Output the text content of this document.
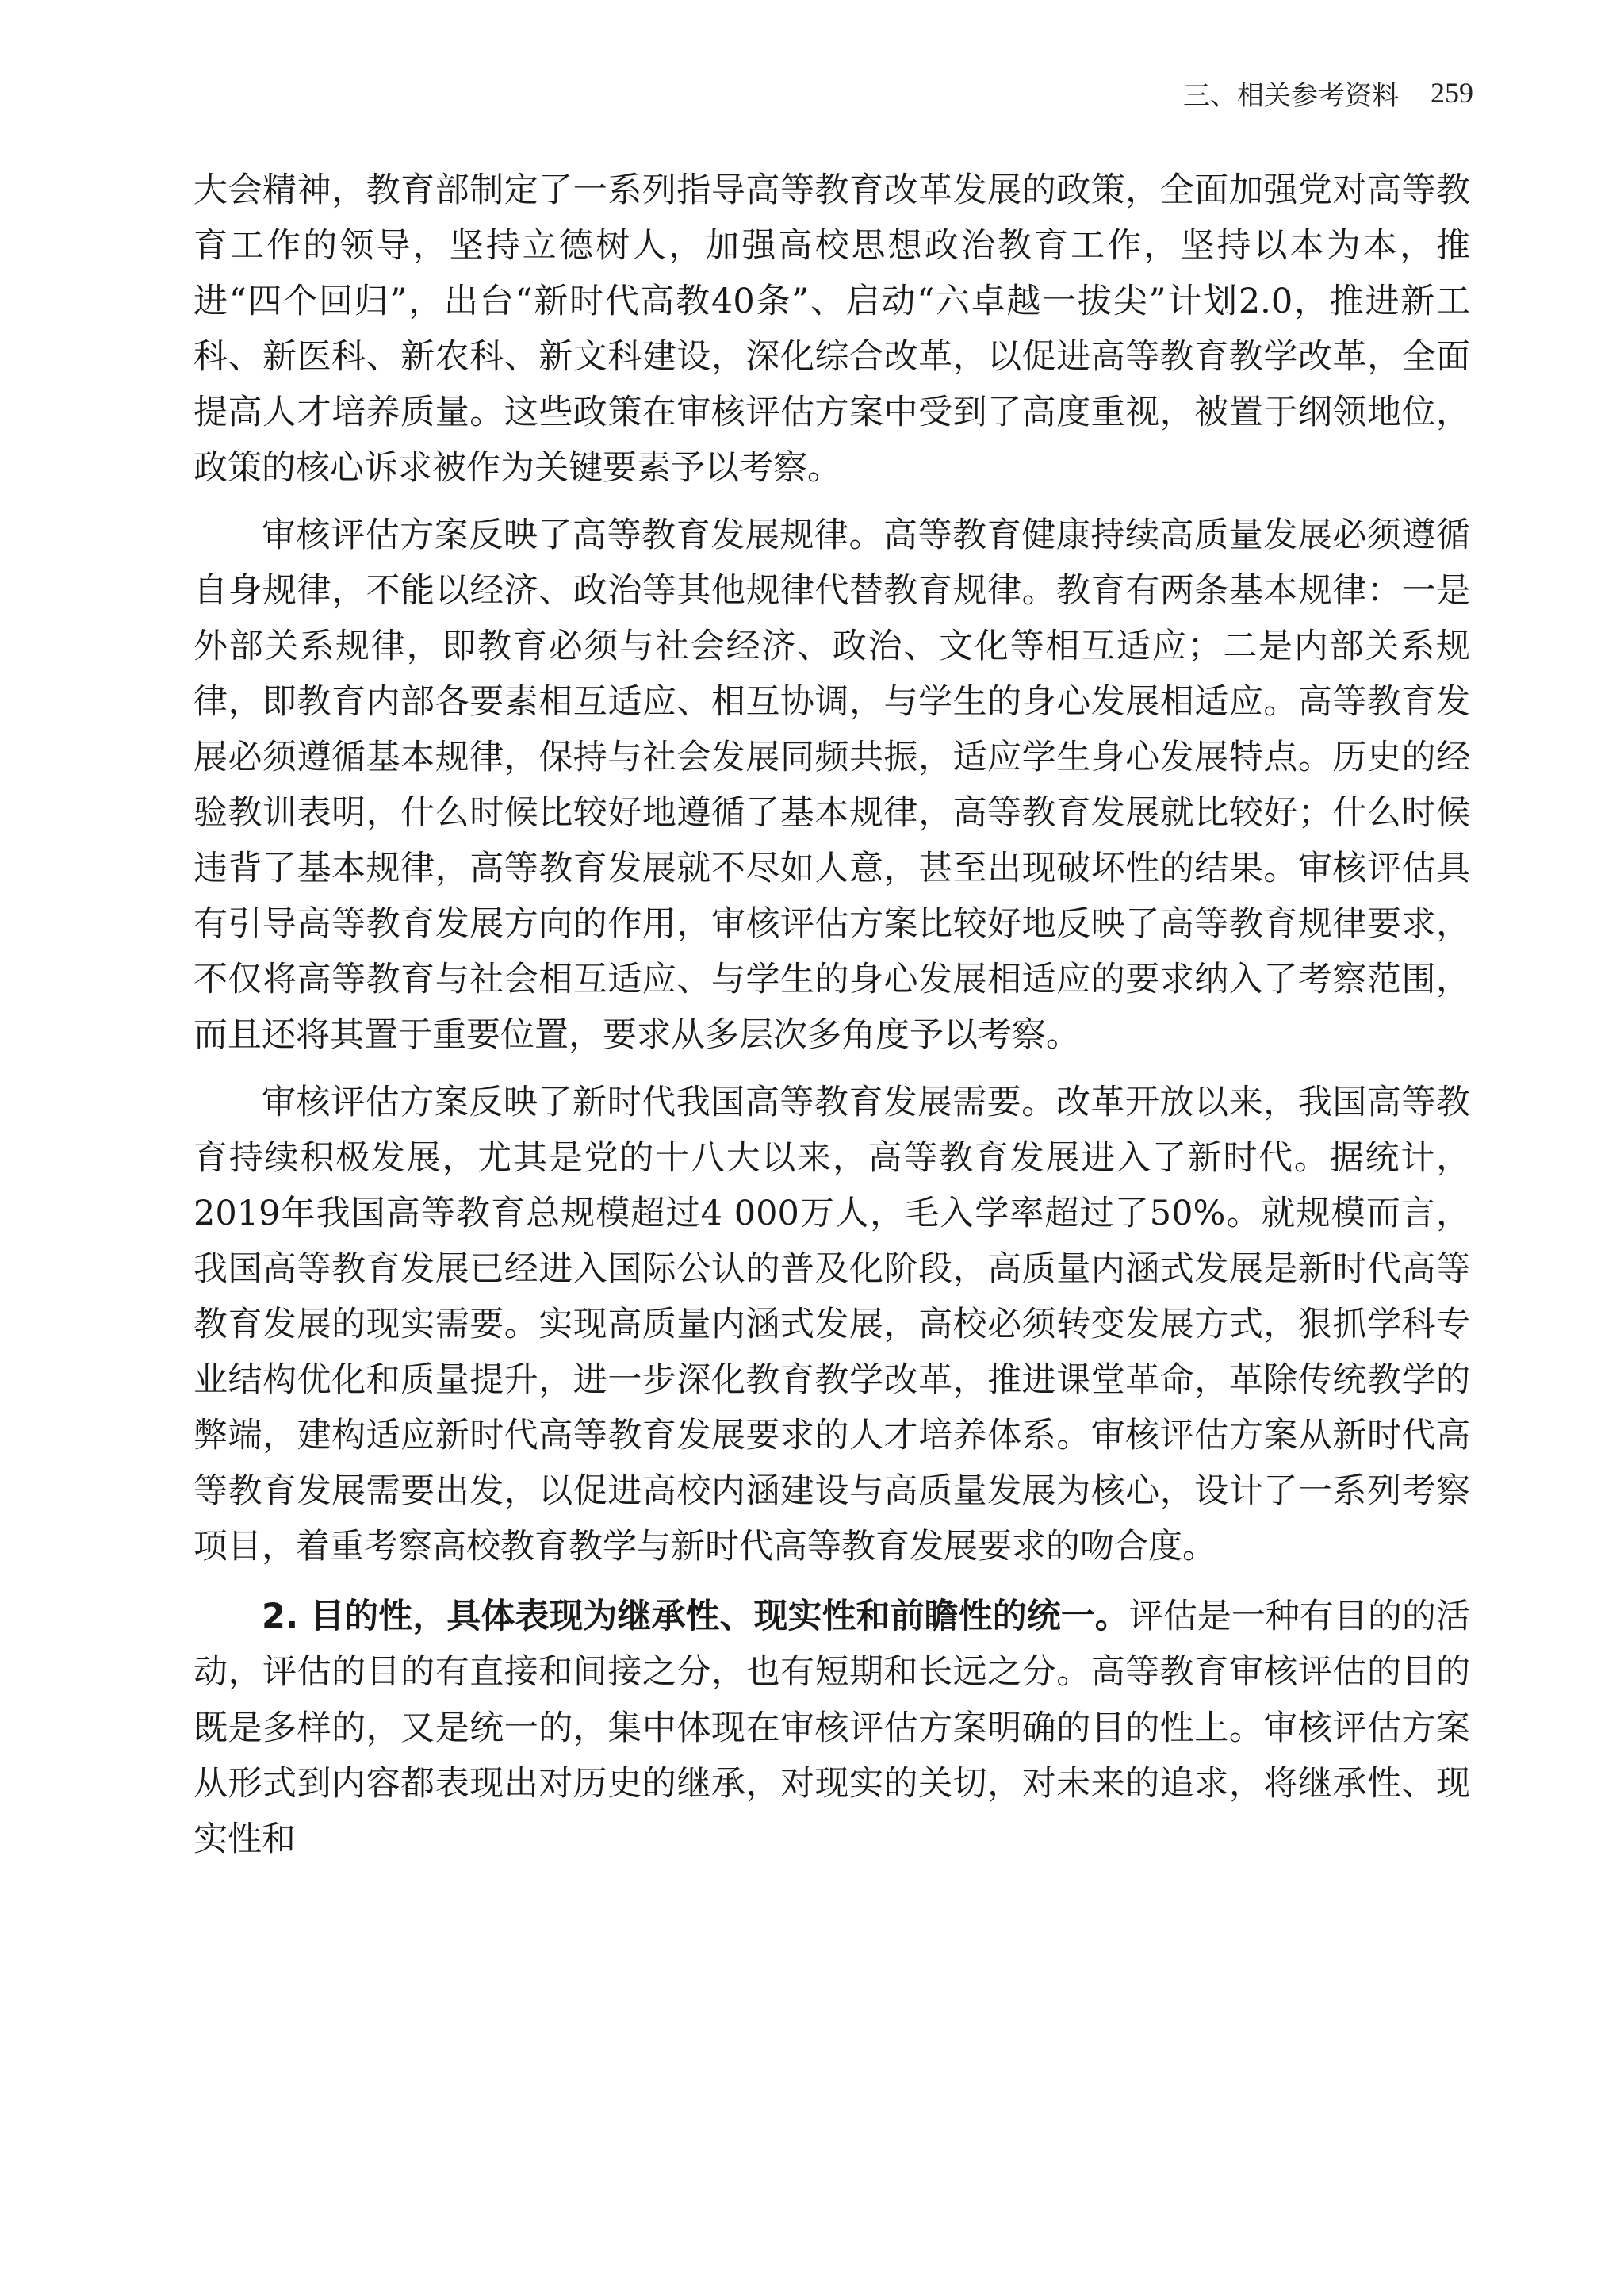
三、相关参考资料 259

大会精神，教育部制定了一系列指导高等教育改革发展的政策，全面加强党对高等教育工作的领导，坚持立德树人，加强高校思想政治教育工作，坚持以本为本，推进“四个回归”，出台“新时代高教40条”、启动“六卓越一拔尖”计划2.0，推进新工科、新医科、新农科、新文科建设，深化综合改革，以促进高等教育教学改革，全面提高人才培养质量。这些政策在审核评估方案中受到了高度重视，被置于纲领地位，政策的核心诉求被作为关键要素予以考察。

审核评估方案反映了高等教育发展规律。高等教育健康持续高质量发展必须遵循自身规律，不能以经济、政治等其他规律代替教育规律。教育有两条基本规律：一是外部关系规律，即教育必须与社会经济、政治、文化等相互适应；二是内部关系规律，即教育内部各要素相互适应、相互协调，与学生的身心发展相适应。高等教育发展必须遵循基本规律，保持与社会发展同频共振，适应学生身心发展特点。历史的经验教训表明，什么时候比较好地遵循了基本规律，高等教育发展就比较好；什么时候违背了基本规律，高等教育发展就不尽如人意，甚至出现破坏性的结果。审核评估具有引导高等教育发展方向的作用，审核评估方案比较好地反映了高等教育规律要求，不仅将高等教育与社会相互适应、与学生的身心发展相适应的要求纳入了考察范围，而且还将其置于重要位置，要求从多层次多角度予以考察。

审核评估方案反映了新时代我国高等教育发展需要。改革开放以来，我国高等教育持续积极发展，尤其是党的十八大以来，高等教育发展进入了新时代。据统计，2019年我国高等教育总规模超过4 000万人，毛入学率超过了50%。就规模而言，我国高等教育发展已经进入国际公认的普及化阶段，高质量内涵式发展是新时代高等教育发展的现实需要。实现高质量内涵式发展，高校必须转变发展方式，狠抓学科专业结构优化和质量提升，进一步深化教育教学改革，推进课堂革命，革除传统教学的弊端，建构适应新时代高等教育发展要求的人才培养体系。审核评估方案从新时代高等教育发展需要出发，以促进高校内涵建设与高质量发展为核心，设计了一系列考察项目，着重考察高校教育教学与新时代高等教育发展要求的吻合度。

2. 目的性，具体表现为继承性、现实性和前瞻性的统一。评估是一种有目的的活动，评估的目的有直接和间接之分，也有短期和长远之分。高等教育审核评估的目的既是多样的，又是统一的，集中体现在审核评估方案明确的目的性上。审核评估方案从形式到内容都表现出对历史的继承，对现实的关切，对未来的追求，将继承性、现实性和
